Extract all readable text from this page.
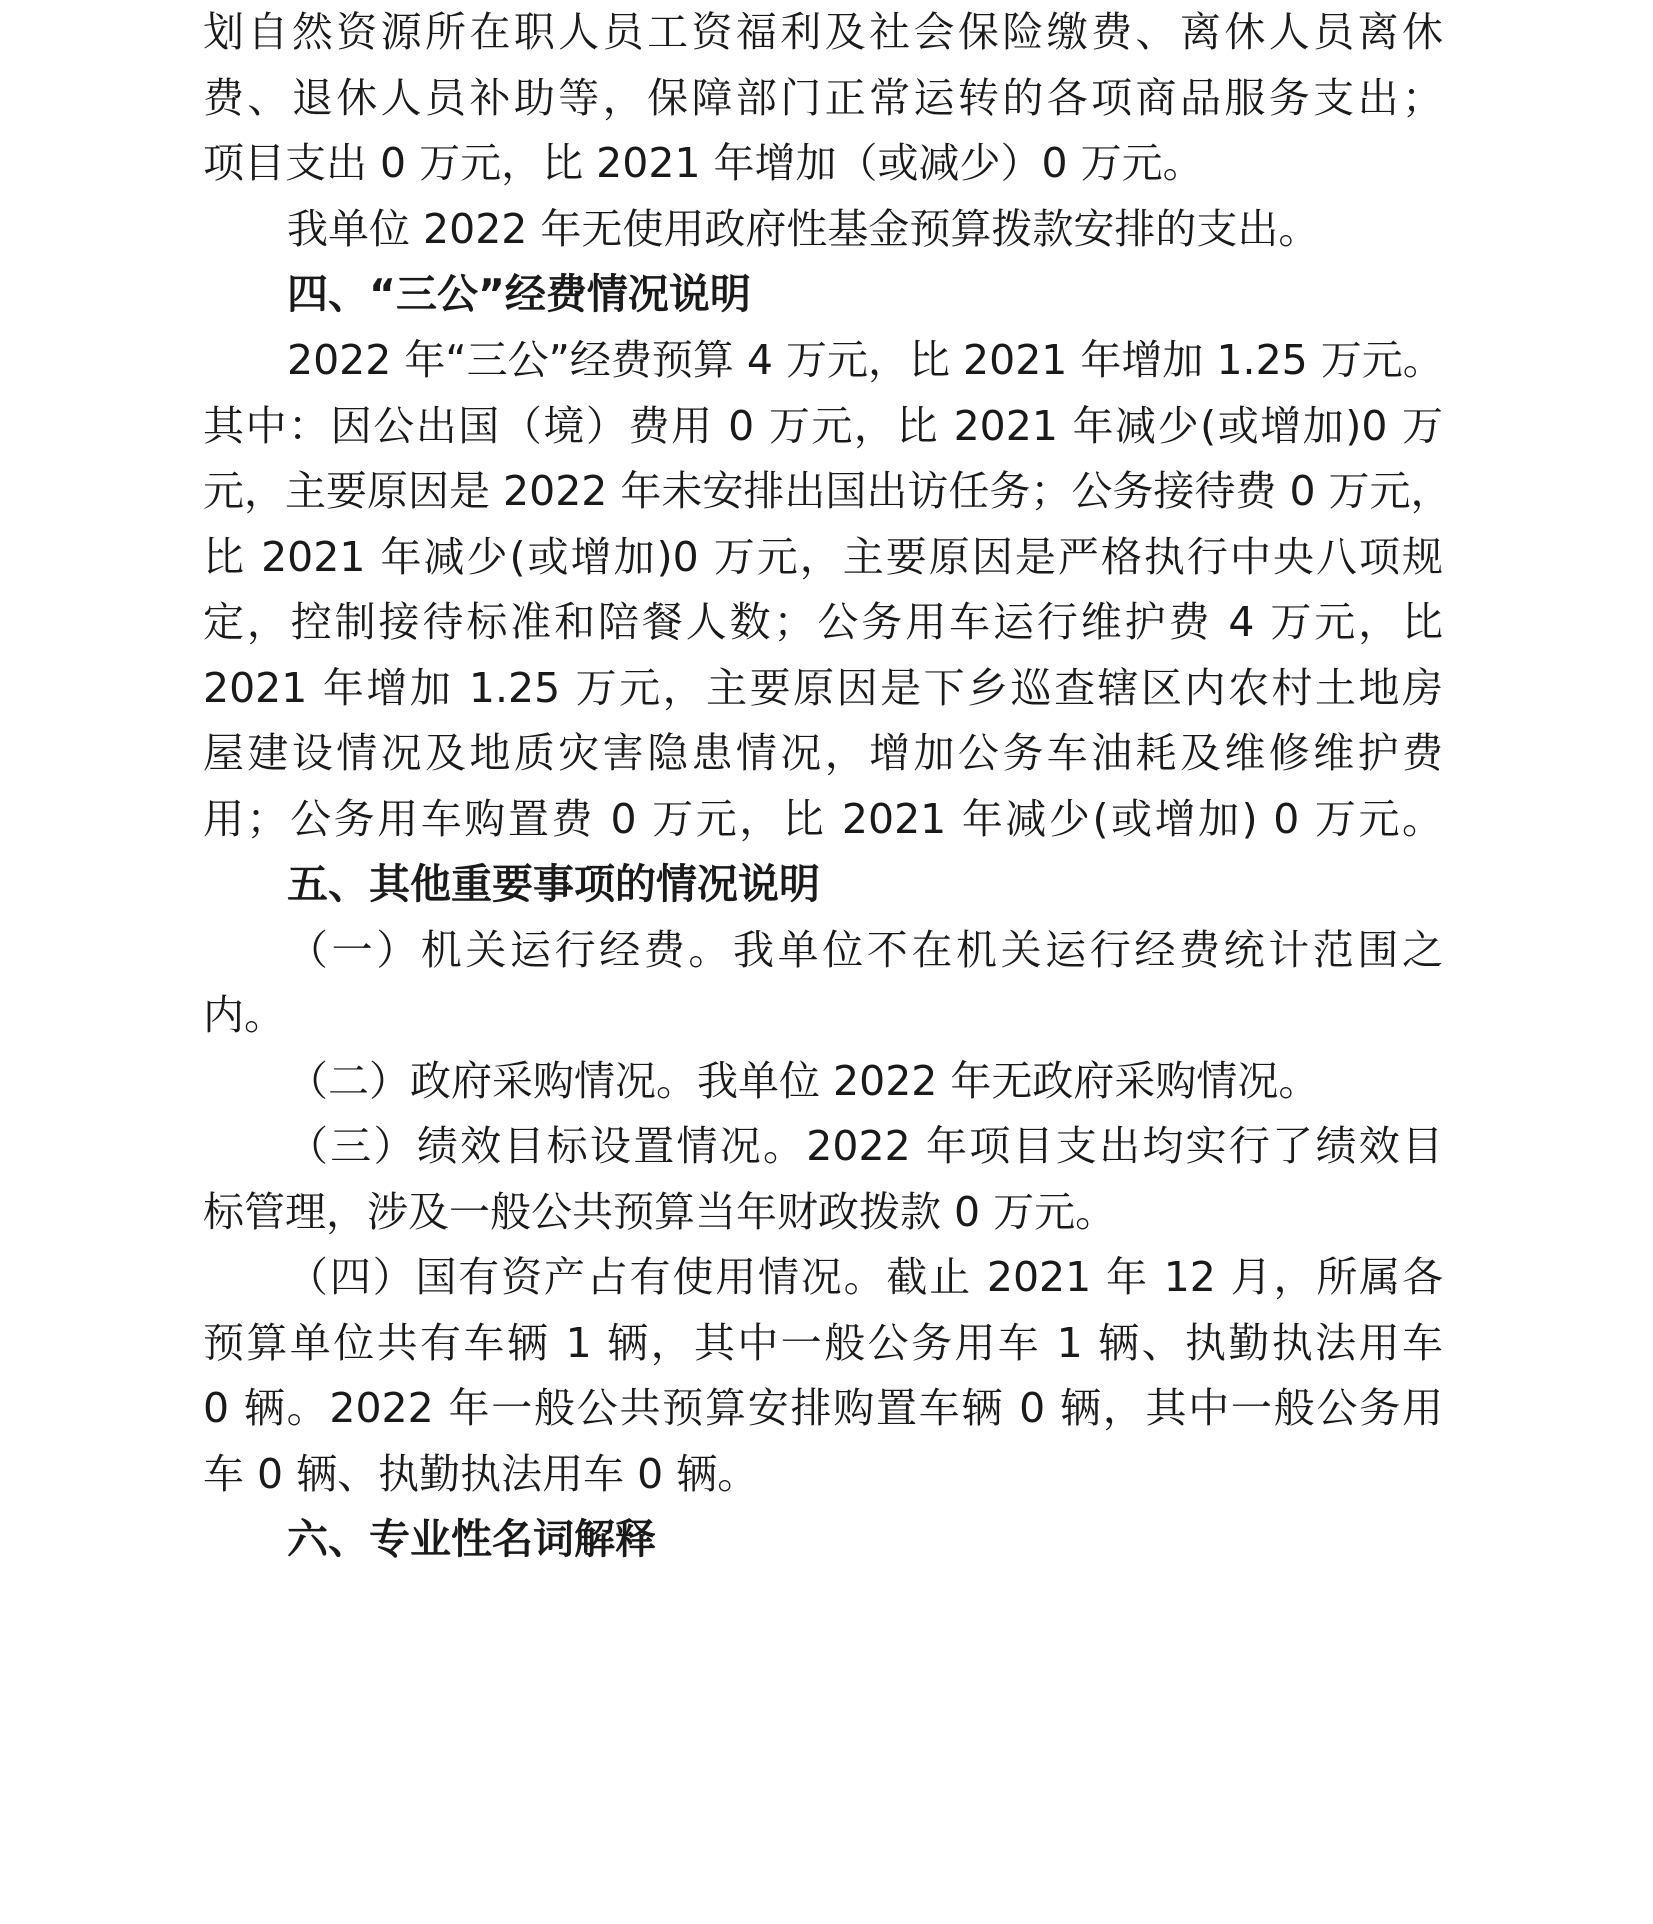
划自然资源所在职人员工资福利及社会保险缴费、离休人员离休
费、退休人员补助等，保障部门正常运转的各项商品服务支出；
项目支出 0 万元，比 2021 年增加（或减少）0 万元。
我单位 2022 年无使用政府性基金预算拨款安排的支出。
四、“三公”经费情况说明
2022 年“三公”经费预算 4 万元，比 2021 年增加 1.25 万元。
其中：因公出国（境）费用 0 万元，比 2021 年减少(或增加)0 万
元，主要原因是 2022 年未安排出国出访任务；公务接待费 0 万元，
比 2021 年减少(或增加)0 万元，主要原因是严格执行中央八项规
定，控制接待标准和陪餐人数；公务用车运行维护费 4 万元，比
2021 年增加 1.25 万元，主要原因是下乡巡查辖区内农村土地房
屋建设情况及地质灾害隐患情况，增加公务车油耗及维修维护费
用；公务用车购置费 0 万元，比 2021 年减少(或增加) 0 万元。
五、其他重要事项的情况说明
（一）机关运行经费。我单位不在机关运行经费统计范围之
内。
（二）政府采购情况。我单位 2022 年无政府采购情况。
（三）绩效目标设置情况。2022 年项目支出均实行了绩效目
标管理，涉及一般公共预算当年财政拨款 0 万元。
（四）国有资产占有使用情况。截止 2021 年 12 月，所属各
预算单位共有车辆 1 辆，其中一般公务用车 1 辆、执勤执法用车
0 辆。2022 年一般公共预算安排购置车辆 0 辆，其中一般公务用
车 0 辆、执勤执法用车 0 辆。
六、专业性名词解释
